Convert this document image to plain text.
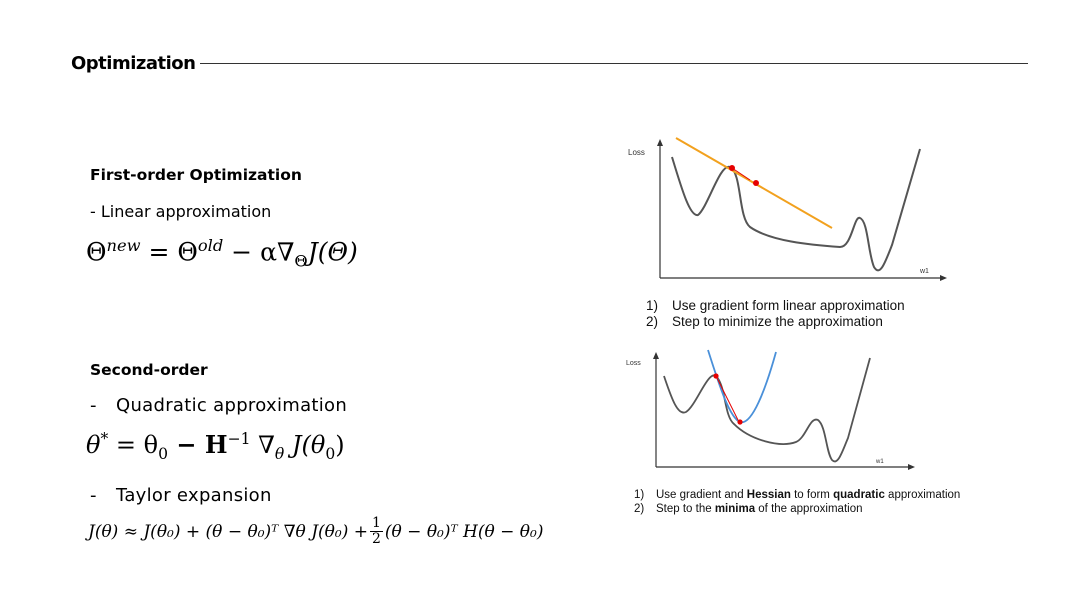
Optimization
First-order Optimization
- Linear approximation
$\Theta^{new} = \Theta^{old} - \alpha\nabla_\Theta J(\Theta)$
Second-order
- Quadratic approximation
$\theta^* = \theta_0 - H^{-1}$ $\nabla_\theta$ $J(\theta_0)$
- Taylor expansion
J(θ) ≈ J(θ₀) + (θ − θ₀)ᵀ ∇θ $J(\theta_0) + \frac{1}{2} (\theta$ − θ₀)ᵀ H(θ − θ₀)
Loss
w1
1) Use gradient form linear approximation
2) Step to minimize the approximation
Loss
w1
1) Use gradient and Hessian to form quadratic approximation
2) Step to the minima of the approximation
